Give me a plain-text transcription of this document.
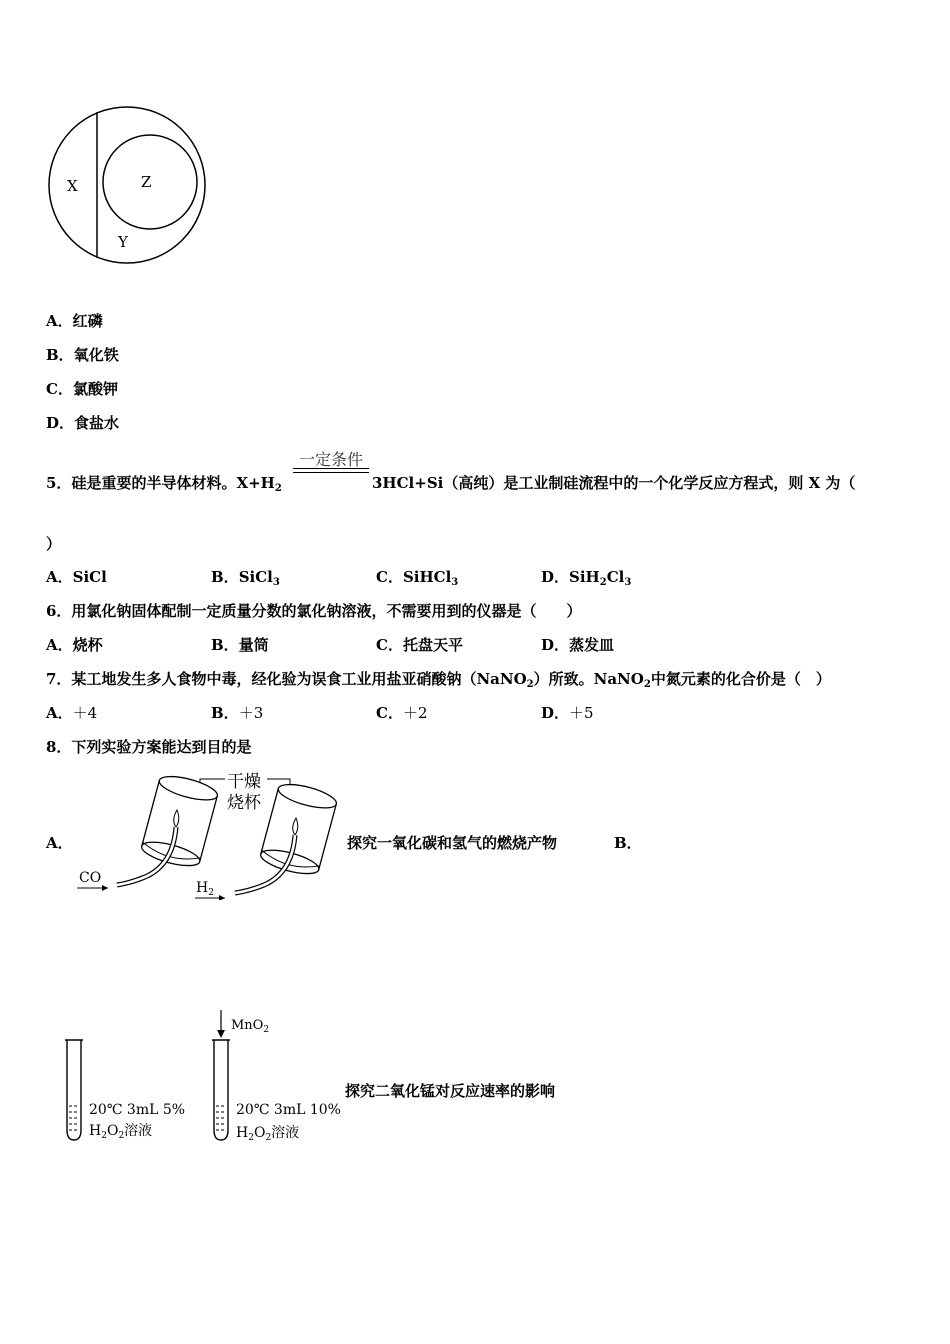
X	Z
Y
A．红磷
B．氧化铁
C．氯酸钾
D．食盐水
5．硅是重要的半导体材料。$X+H_2$
一定条件
3HCl+Si（高纯）是工业制硅流程中的一个化学反应方程式，则 X 为（
）
A．SiCl	B．SiCl$_3$	C．SiHCl$_3$	D．$SiH_2Cl_3$
6．用氯化钠固体配制一定质量分数的氯化钠溶液，不需要用到的仪器是（　　）
A．烧杯	B．量筒	C．托盘天平	D．蒸发皿
7．某工地发生多人食物中毒，经化验为误食工业用盐亚硝酸钠（NaNO$_2$）所致。NaNO$_2$中氮元素的化合价是（　）
A．＋4	B．＋3	C．＋2	D．＋5
8．下列实验方案能达到目的是
A．
干燥
烧杯
CO
$H_2$
探究一氧化碳和氢气的燃烧产物	B．
20℃ 3mL 5%
$H_2O_2$溶液
MnO$_2$
20℃ 3mL 10%
$H_2O_2$溶液
探究二氧化锰对反应速率的影响
